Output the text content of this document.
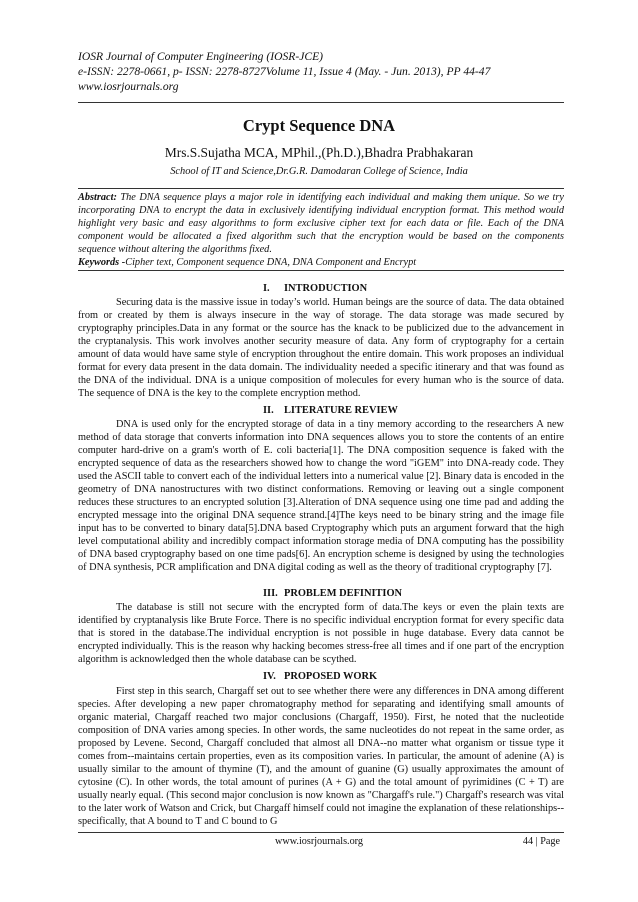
IOSR Journal of Computer Engineering (IOSR-JCE)
e-ISSN: 2278-0661, p- ISSN: 2278-8727Volume 11, Issue 4 (May. - Jun. 2013), PP 44-47
www.iosrjournals.org
Crypt Sequence DNA
Mrs.S.Sujatha MCA, MPhil.,(Ph.D.),Bhadra Prabhakaran
School of IT and Science,Dr.G.R. Damodaran College of Science, India
Abstract: The DNA sequence plays a major role in identifying each individual and making them unique. So we try incorporating DNA to encrypt the data in exclusively identifying individual encryption format. This method would highlight very basic and easy algorithms to form exclusive cipher text for each data or file. Each of the DNA component would be allocated a fixed algorithm such that the encryption would be based on the components sequence without altering the algorithms fixed.
Keywords -Cipher text, Component sequence DNA, DNA Component and Encrypt
I. INTRODUCTION
Securing data is the massive issue in today’s world. Human beings are the source of data. The data obtained from or created by them is always insecure in the way of storage. The data storage was made secured by cryptography principles.Data in any format or the source has the knack to be publicized due to the advancement in the cryptanalysis. This work involves another security measure of data. Any form of cryptography for a certain amount of data would have same style of encryption throughout the entire domain. This work proposes an individual format for every data present in the data domain. The individuality needed a specific itinerary and that was found as the DNA of the individual. DNA is a unique composition of molecules for every human who is the source of data. The sequence of DNA is the key to the complete encryption method.
II. LITERATURE REVIEW
DNA is used only for the encrypted storage of data in a tiny memory according to the researchers A new method of data storage that converts information into DNA sequences allows you to store the contents of an entire computer hard-drive on a gram's worth of E. coli bacteria[1]. The DNA composition sequence is faked with the encrypted sequence of data as the researchers showed how to change the word "iGEM" into DNA-ready code. They used the ASCII table to convert each of the individual letters into a numerical value [2]. Binary data is encoded in the geometry of DNA nanostructures with two distinct conformations. Removing or leaving out a single component reduces these structures to an encrypted solution [3].Alteration of DNA sequence using one time pad and adding the encrypted message into the original DNA sequence strand.[4]The keys need to be binary string and the image file input has to be converted to binary data[5].DNA based Cryptography which puts an argument forward that the high level computational ability and incredibly compact information storage media of DNA computing has the possibility of DNA based cryptography based on one time pads[6]. An encryption scheme is designed by using the technologies of DNA synthesis, PCR amplification and DNA digital coding as well as the theory of traditional cryptography [7].
III. PROBLEM DEFINITION
The database is still not secure with the encrypted form of data.The keys or even the plain texts are identified by cryptanalysis like Brute Force. There is no specific individual encryption format for every specific data that is stored in the database.The individual encryption is not possible in huge database. Every data cannot be encrypted individually. This is the reason why hacking becomes stress-free all times and if one part of the encryption algorithm is acknowledged then the whole database can be scythed.
IV. PROPOSED WORK
First step in this search, Chargaff set out to see whether there were any differences in DNA among different species. After developing a new paper chromatography method for separating and identifying small amounts of organic material, Chargaff reached two major conclusions (Chargaff, 1950). First, he noted that the nucleotide composition of DNA varies among species. In other words, the same nucleotides do not repeat in the same order, as proposed by Levene. Second, Chargaff concluded that almost all DNA--no matter what organism or tissue type it comes from--maintains certain properties, even as its composition varies. In particular, the amount of adenine (A) is usually similar to the amount of thymine (T), and the amount of guanine (G) usually approximates the amount of cytosine (C). In other words, the total amount of purines (A + G) and the total amount of pyrimidines (C + T) are usually nearly equal. (This second major conclusion is now known as "Chargaff's rule.") Chargaff's research was vital to the later work of Watson and Crick, but Chargaff himself could not imagine the explanation of these relationships--specifically, that A bound to T and C bound to G
www.iosrjournals.org	44 | Page
